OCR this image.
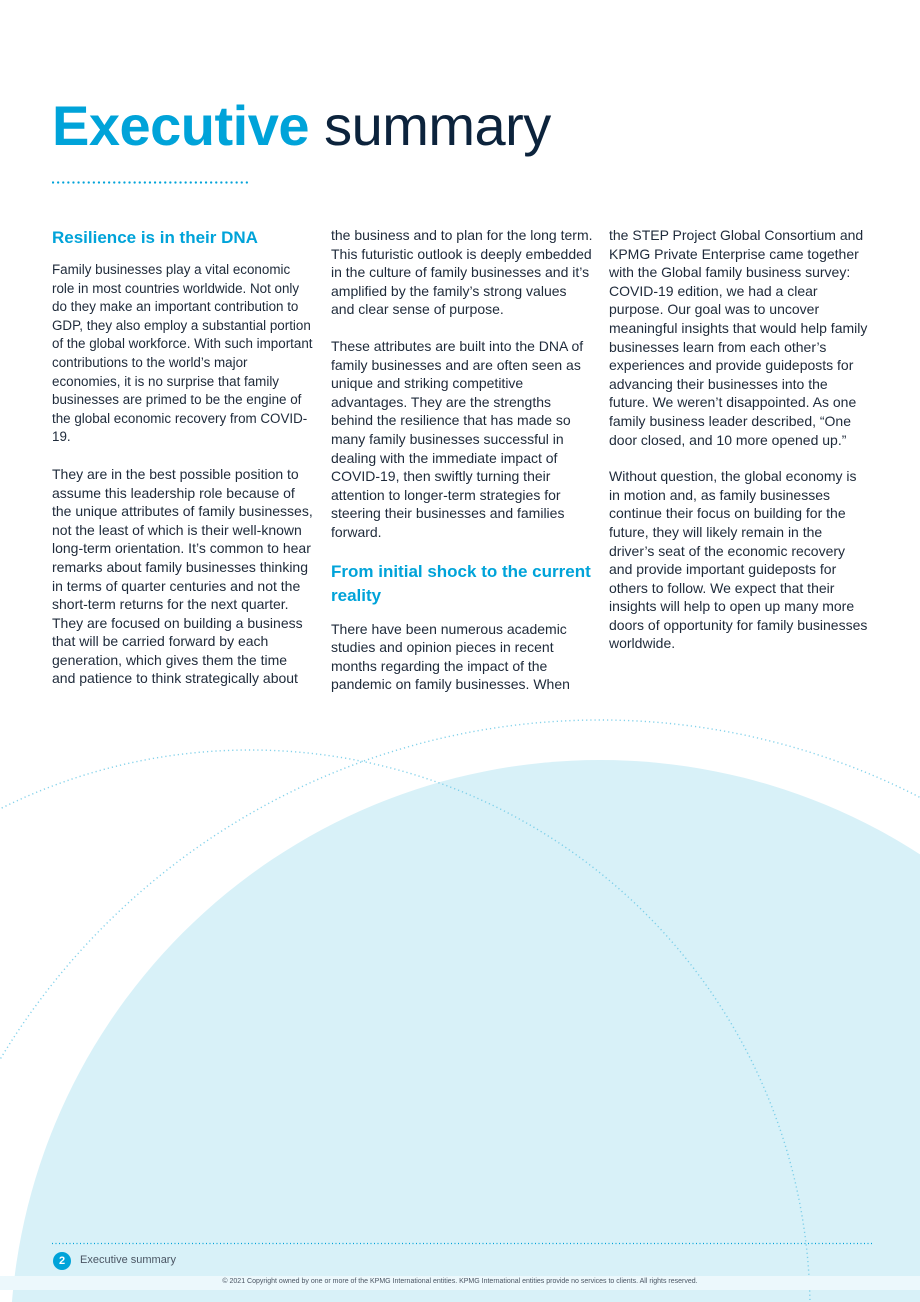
Executive summary
Resilience is in their DNA

Family businesses play a vital economic role in most countries worldwide. Not only do they make an important contribution to GDP, they also employ a substantial portion of the global workforce. With such important contributions to the world’s major economies, it is no surprise that family businesses are primed to be the engine of the global economic recovery from COVID-19.

They are in the best possible position to assume this leadership role because of the unique attributes of family businesses, not the least of which is their well-known long-term orientation. It’s common to hear remarks about family businesses thinking in terms of quarter centuries and not the short-term returns for the next quarter. They are focused on building a business that will be carried forward by each generation, which gives them the time and patience to think strategically about

the business and to plan for the long term. This futuristic outlook is deeply embedded in the culture of family businesses and it’s amplified by the family’s strong values and clear sense of purpose.

These attributes are built into the DNA of family businesses and are often seen as unique and striking competitive advantages. They are the strengths behind the resilience that has made so many family businesses successful in dealing with the immediate impact of COVID-19, then swiftly turning their attention to longer-term strategies for steering their businesses and families forward.

From initial shock to the current reality

There have been numerous academic studies and opinion pieces in recent months regarding the impact of the pandemic on family businesses. When

the STEP Project Global Consortium and KPMG Private Enterprise came together with the Global family business survey: COVID-19 edition, we had a clear purpose. Our goal was to uncover meaningful insights that would help family businesses learn from each other’s experiences and provide guideposts for advancing their businesses into the future. We weren’t disappointed. As one family business leader described, “One door closed, and 10 more opened up.”

Without question, the global economy is in motion and, as family businesses continue their focus on building for the future, they will likely remain in the driver’s seat of the economic recovery and provide important guideposts for others to follow. We expect that their insights will help to open up many more doors of opportunity for family businesses worldwide.

2	Executive summary
© 2021 Copyright owned by one or more of the KPMG International entities. KPMG International entities provide no services to clients. All rights reserved.
